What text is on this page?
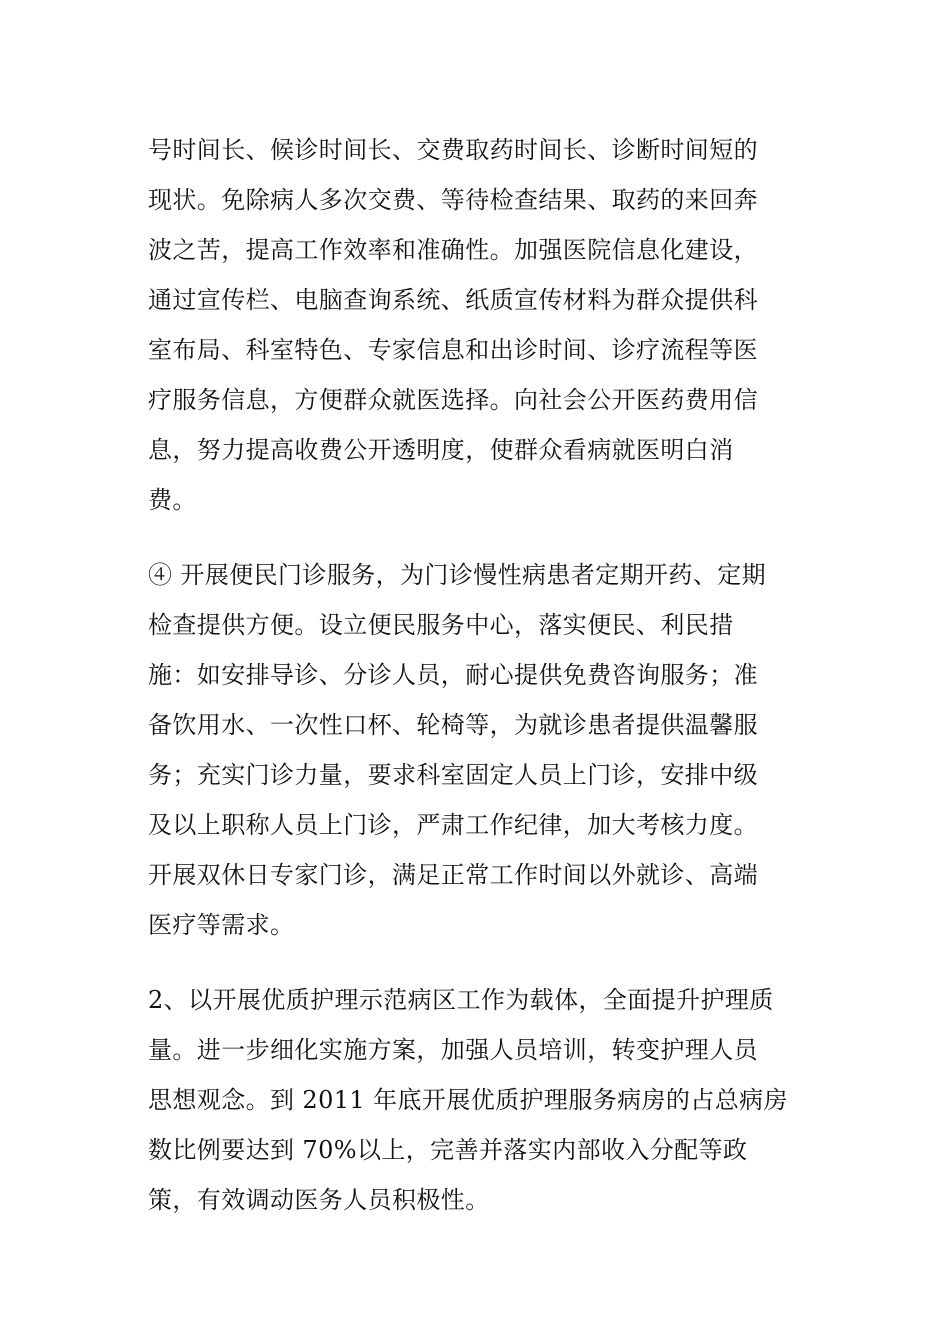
号时间长、候诊时间长、交费取药时间长、诊断时间短的
现状。免除病人多次交费、等待检查结果、取药的来回奔
波之苦，提高工作效率和准确性。加强医院信息化建设，
通过宣传栏、电脑查询系统、纸质宣传材料为群众提供科
室布局、科室特色、专家信息和出诊时间、诊疗流程等医
疗服务信息，方便群众就医选择。向社会公开医药费用信
息，努力提高收费公开透明度，使群众看病就医明白消
费。
④ 开展便民门诊服务，为门诊慢性病患者定期开药、定期
检查提供方便。设立便民服务中心，落实便民、利民措
施：如安排导诊、分诊人员，耐心提供免费咨询服务；准
备饮用水、一次性口杯、轮椅等，为就诊患者提供温馨服
务；充实门诊力量，要求科室固定人员上门诊，安排中级
及以上职称人员上门诊，严肃工作纪律，加大考核力度。
开展双休日专家门诊，满足正常工作时间以外就诊、高端
医疗等需求。
2、以开展优质护理示范病区工作为载体，全面提升护理质
量。进一步细化实施方案，加强人员培训，转变护理人员
思想观念。到 2011 年底开展优质护理服务病房的占总病房
数比例要达到 70%以上，完善并落实内部收入分配等政
策，有效调动医务人员积极性。
